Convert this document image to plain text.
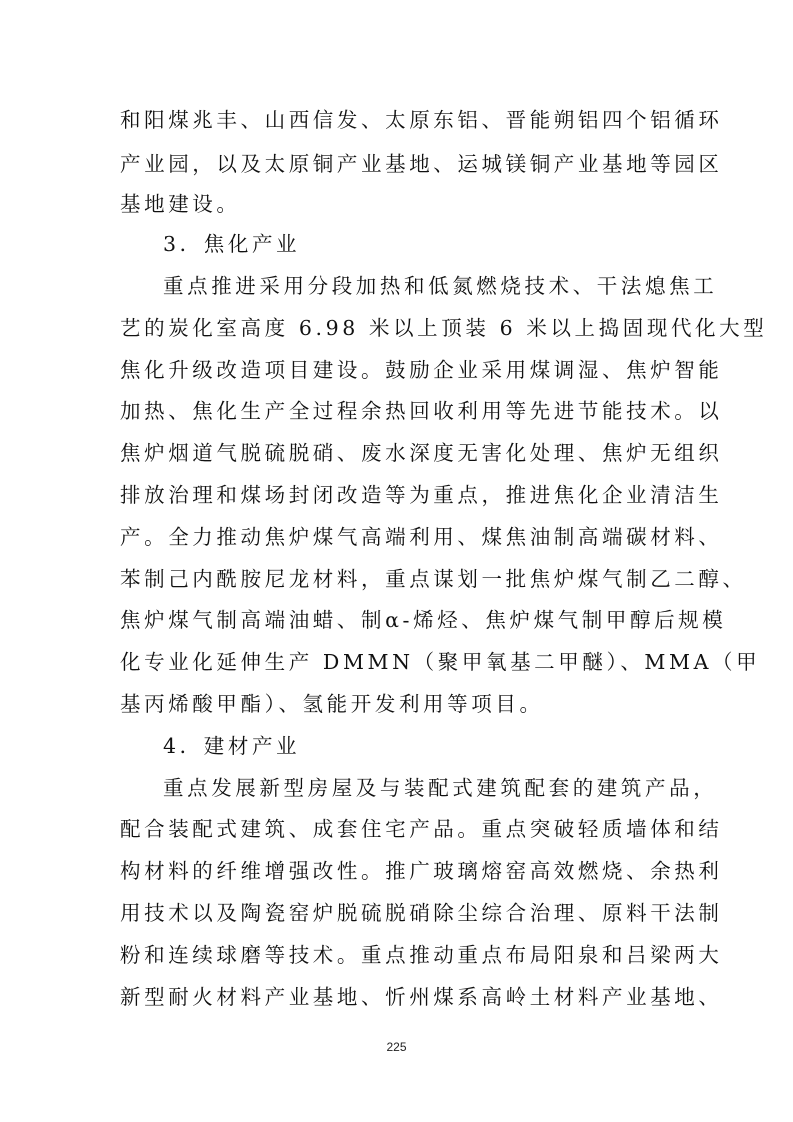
和阳煤兆丰、山西信发、太原东铝、晋能朔铝四个铝循环
产业园，以及太原铜产业基地、运城镁铜产业基地等园区
基地建设。
3．焦化产业
重点推进采用分段加热和低氮燃烧技术、干法熄焦工
艺的炭化室高度 6.98 米以上顶装 6 米以上捣固现代化大型
焦化升级改造项目建设。鼓励企业采用煤调湿、焦炉智能
加热、焦化生产全过程余热回收利用等先进节能技术。以
焦炉烟道气脱硫脱硝、废水深度无害化处理、焦炉无组织
排放治理和煤场封闭改造等为重点，推进焦化企业清洁生
产。全力推动焦炉煤气高端利用、煤焦油制高端碳材料、
苯制己内酰胺尼龙材料，重点谋划一批焦炉煤气制乙二醇、
焦炉煤气制高端油蜡、制α-烯烃、焦炉煤气制甲醇后规模
化专业化延伸生产 DMMN（聚甲氧基二甲醚）、MMA（甲
基丙烯酸甲酯）、氢能开发利用等项目。
4．建材产业
重点发展新型房屋及与装配式建筑配套的建筑产品，
配合装配式建筑、成套住宅产品。重点突破轻质墙体和结
构材料的纤维增强改性。推广玻璃熔窑高效燃烧、余热利
用技术以及陶瓷窑炉脱硫脱硝除尘综合治理、原料干法制
粉和连续球磨等技术。重点推动重点布局阳泉和吕梁两大
新型耐火材料产业基地、忻州煤系高岭土材料产业基地、
225
